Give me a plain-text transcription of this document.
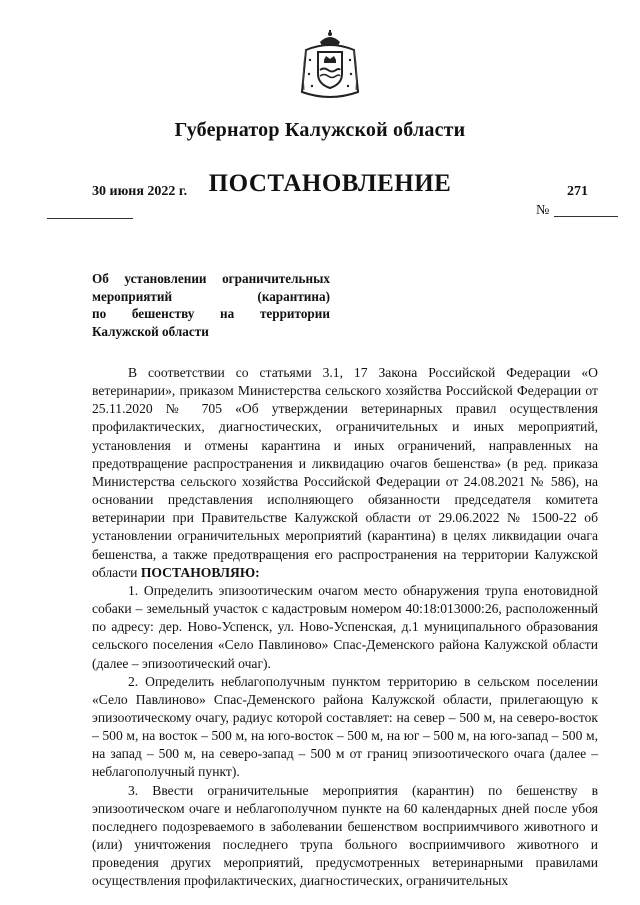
Губернатор Калужской области
ПОСТАНОВЛЕНИЕ
30 июня 2022 г.	271
№
Об установлении ограничительных
мероприятий	(карантина)
по бешенству на территории
Калужской области

В соответствии со статьями 3.1, 17 Закона Российской Федерации «О ветеринарии», приказом Министерства сельского хозяйства Российской Федерации от 25.11.2020 № 705 «Об утверждении ветеринарных правил осуществления профилактических, диагностических, ограничительных и иных мероприятий, установления и отмены карантина и иных ограничений, направленных на предотвращение распространения и ликвидацию очагов бешенства» (в ред. приказа Министерства сельского хозяйства Российской Федерации от 24.08.2021 № 586), на основании представления исполняющего обязанности председателя комитета ветеринарии при Правительстве Калужской области от 29.06.2022 № 1500-22 об установлении ограничительных мероприятий (карантина) в целях ликвидации очага бешенства, а также предотвращения его распространения на территории Калужской области ПОСТАНОВЛЯЮ:

1. Определить эпизоотическим очагом место обнаружения трупа енотовидной собаки – земельный участок с кадастровым номером 40:18:013000:26, расположенный по адресу: дер. Ново-Успенск, ул. Ново-Успенская, д.1 муниципального образования сельского поселения «Село Павлиново» Спас-Деменского района Калужской области (далее – эпизоотический очаг).

2. Определить неблагополучным пунктом территорию в сельском поселении «Село Павлиново» Спас-Деменского района Калужской области, прилегающую к эпизоотическому очагу, радиус которой составляет: на север – 500 м, на северо-восток – 500 м, на восток – 500 м, на юго-восток – 500 м, на юг – 500 м, на юго-запад – 500 м, на запад – 500 м, на северо-запад – 500 м от границ эпизоотического очага (далее – неблагополучный пункт).

3. Ввести ограничительные мероприятия (карантин) по бешенству в эпизоотическом очаге и неблагополучном пункте на 60 календарных дней после убоя последнего подозреваемого в заболевании бешенством восприимчивого животного и (или) уничтожения последнего трупа больного восприимчивого животного и проведения других мероприятий, предусмотренных ветеринарными правилами осуществления профилактических, диагностических, ограничительных
